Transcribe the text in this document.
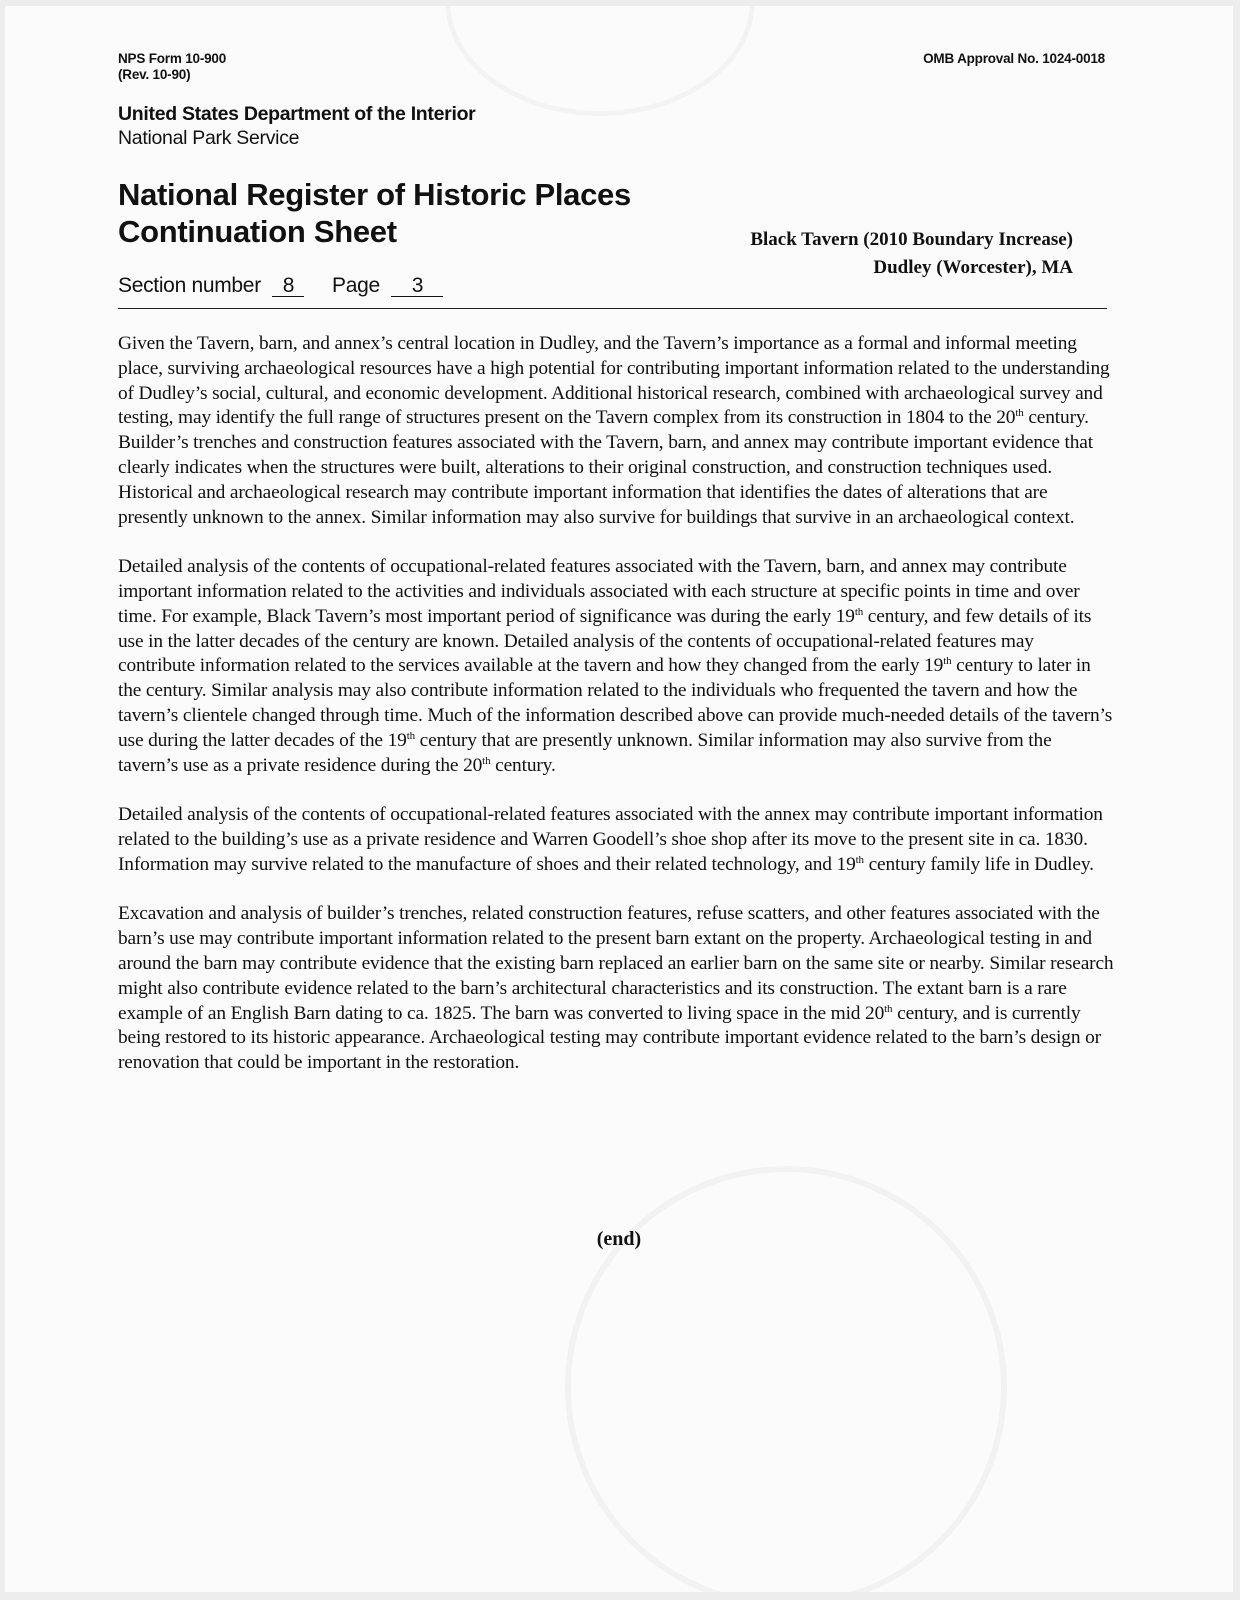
NPS Form 10-900
(Rev. 10-90)
OMB Approval No. 1024-0018
United States Department of the Interior
National Park Service
National Register of Historic Places
Continuation Sheet	Black Tavern (2010 Boundary Increase)
Dudley (Worcester), MA
Section number 8 Page 3

Given the Tavern, barn, and annex’s central location in Dudley, and the Tavern’s importance as a formal and informal meeting place, surviving archaeological resources have a high potential for contributing important information related to the understanding of Dudley’s social, cultural, and economic development. Additional historical research, combined with archaeological survey and testing, may identify the full range of structures present on the Tavern complex from its construction in 1804 to the 20th century. Builder’s trenches and construction features associated with the Tavern, barn, and annex may contribute important evidence that clearly indicates when the structures were built, alterations to their original construction, and construction techniques used. Historical and archaeological research may contribute important information that identifies the dates of alterations that are presently unknown to the annex. Similar information may also survive for buildings that survive in an archaeological context.

Detailed analysis of the contents of occupational-related features associated with the Tavern, barn, and annex may contribute important information related to the activities and individuals associated with each structure at specific points in time and over time. For example, Black Tavern’s most important period of significance was during the early 19th century, and few details of its use in the latter decades of the century are known. Detailed analysis of the contents of occupational-related features may contribute information related to the services available at the tavern and how they changed from the early 19th century to later in the century. Similar analysis may also contribute information related to the individuals who frequented the tavern and how the tavern’s clientele changed through time. Much of the information described above can provide much-needed details of the tavern’s use during the latter decades of the 19th century that are presently unknown. Similar information may also survive from the tavern’s use as a private residence during the 20th century.

Detailed analysis of the contents of occupational-related features associated with the annex may contribute important information related to the building’s use as a private residence and Warren Goodell’s shoe shop after its move to the present site in ca. 1830. Information may survive related to the manufacture of shoes and their related technology, and 19th century family life in Dudley.

Excavation and analysis of builder’s trenches, related construction features, refuse scatters, and other features associated with the barn’s use may contribute important information related to the present barn extant on the property. Archaeological testing in and around the barn may contribute evidence that the existing barn replaced an earlier barn on the same site or nearby. Similar research might also contribute evidence related to the barn’s architectural characteristics and its construction. The extant barn is a rare example of an English Barn dating to ca. 1825. The barn was converted to living space in the mid 20th century, and is currently being restored to its historic appearance. Archaeological testing may contribute important evidence related to the barn’s design or renovation that could be important in the restoration.

(end)
